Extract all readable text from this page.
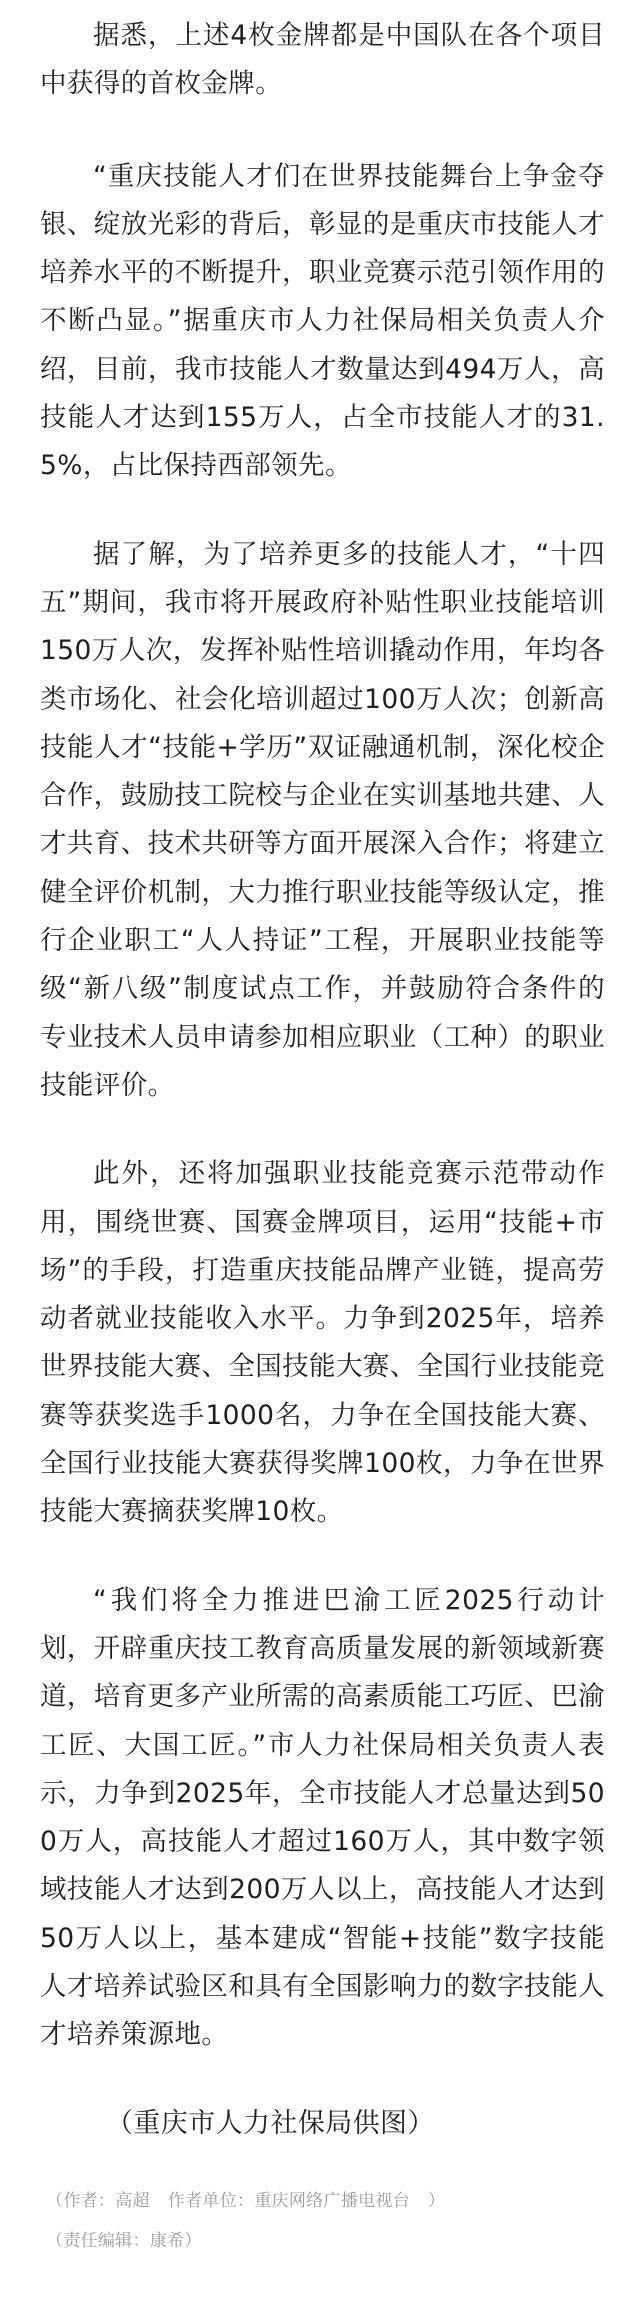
据悉，上述4枚金牌都是中国队在各个项目中获得的首枚金牌。

“重庆技能人才们在世界技能舞台上争金夺银、绽放光彩的背后，彰显的是重庆市技能人才培养水平的不断提升，职业竞赛示范引领作用的不断凸显。”据重庆市人力社保局相关负责人介绍，目前，我市技能人才数量达到494万人，高技能人才达到155万人，占全市技能人才的31.5%，占比保持西部领先。

据了解，为了培养更多的技能人才，“十四五”期间，我市将开展政府补贴性职业技能培训150万人次，发挥补贴性培训撬动作用，年均各类市场化、社会化培训超过100万人次；创新高技能人才“技能+学历”双证融通机制，深化校企合作，鼓励技工院校与企业在实训基地共建、人才共育、技术共研等方面开展深入合作；将建立健全评价机制，大力推行职业技能等级认定，推行企业职工“人人持证”工程，开展职业技能等级“新八级”制度试点工作，并鼓励符合条件的专业技术人员申请参加相应职业（工种）的职业技能评价。

此外，还将加强职业技能竞赛示范带动作用，围绕世赛、国赛金牌项目，运用“技能+市场”的手段，打造重庆技能品牌产业链，提高劳动者就业技能收入水平。力争到2025年，培养世界技能大赛、全国技能大赛、全国行业技能竞赛等获奖选手1000名，力争在全国技能大赛、全国行业技能大赛获得奖牌100枚，力争在世界技能大赛摘获奖牌10枚。

“我们将全力推进巴渝工匠2025行动计划，开辟重庆技工教育高质量发展的新领域新赛道，培育更多产业所需的高素质能工巧匠、巴渝工匠、大国工匠。”市人力社保局相关负责人表示，力争到2025年，全市技能人才总量达到500万人，高技能人才超过160万人，其中数字领域技能人才达到200万人以上，高技能人才达到50万人以上，基本建成“智能+技能”数字技能人才培养试验区和具有全国影响力的数字技能人才培养策源地。

（重庆市人力社保局供图）

（作者：高超 作者单位：重庆网络广播电视台 ）
（责任编辑：康希）
